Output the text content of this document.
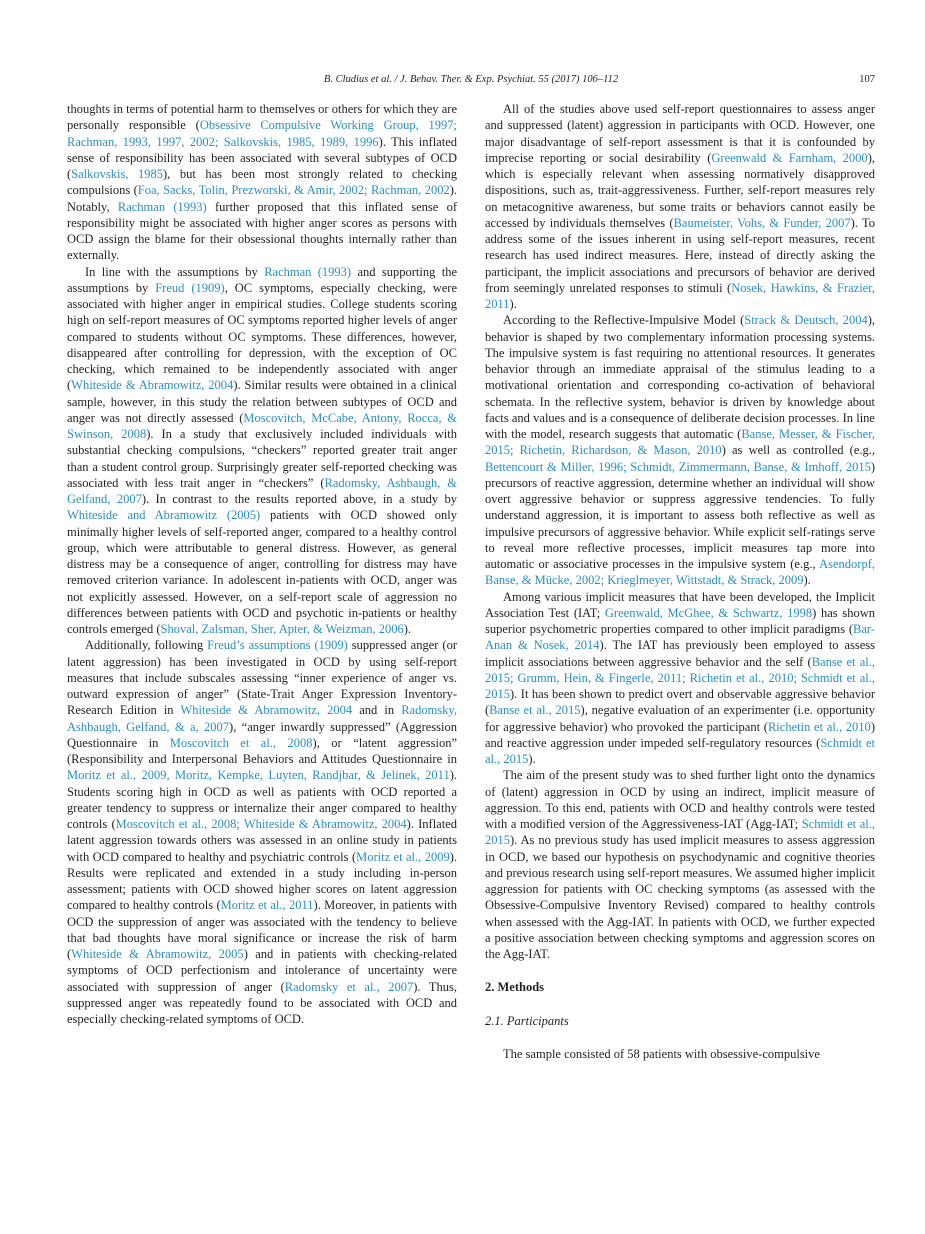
B. Cludius et al. / J. Behav. Ther. & Exp. Psychiat. 55 (2017) 106–112	107

thoughts in terms of potential harm to themselves or others for which they are personally responsible (Obsessive Compulsive Working Group, 1997; Rachman, 1993, 1997, 2002; Salkovskis, 1985, 1989, 1996). This inflated sense of responsibility has been associated with several subtypes of OCD (Salkovskis, 1985), but has been most strongly related to checking compulsions (Foa, Sacks, Tolin, Prezworski, & Amir, 2002; Rachman, 2002). Notably, Rachman (1993) further proposed that this inflated sense of responsibility might be associated with higher anger scores as persons with OCD assign the blame for their obsessional thoughts internally rather than externally.

In line with the assumptions by Rachman (1993) and supporting the assumptions by Freud (1909), OC symptoms, especially checking, were associated with higher anger in empirical studies. College students scoring high on self-report measures of OC symptoms reported higher levels of anger compared to students without OC symptoms. These differences, however, disappeared after controlling for depression, with the exception of OC checking, which remained to be independently associated with anger (Whiteside & Abramowitz, 2004). Similar results were obtained in a clinical sample, however, in this study the relation between subtypes of OCD and anger was not directly assessed (Moscovitch, McCabe, Antony, Rocca, & Swinson, 2008). In a study that exclusively included individuals with substantial checking compulsions, “checkers” reported greater trait anger than a student control group. Surprisingly greater self-reported checking was associated with less trait anger in “checkers” (Radomsky, Ashbaugh, & Gelfand, 2007). In contrast to the results reported above, in a study by Whiteside and Abramowitz (2005) patients with OCD showed only minimally higher levels of self-reported anger, compared to a healthy control group, which were attributable to general distress. However, as general distress may be a consequence of anger, controlling for distress may have removed criterion variance. In adolescent in-patients with OCD, anger was not explicitly assessed. However, on a self-report scale of aggression no differences between patients with OCD and psychotic in-patients or healthy controls emerged (Shoval, Zalsman, Sher, Apter, & Weizman, 2006).

Additionally, following Freud’s assumptions (1909) suppressed anger (or latent aggression) has been investigated in OCD by using self-report measures that include subscales assessing “inner experience of anger vs. outward expression of anger” (State-Trait Anger Expression Inventory-Research Edition in Whiteside & Abramowitz, 2004 and in Radomsky, Ashbaugh, Gelfand, & a, 2007), “anger inwardly suppressed” (Aggression Questionnaire in Moscovitch et al., 2008), or “latent aggression” (Responsibility and Interpersonal Behaviors and Attitudes Questionnaire in Moritz et al., 2009, Moritz, Kempke, Luyten, Randjbar, & Jelinek, 2011). Students scoring high in OCD as well as patients with OCD reported a greater tendency to suppress or internalize their anger compared to healthy controls (Moscovitch et al., 2008; Whiteside & Abramowitz, 2004). Inflated latent aggression towards others was assessed in an online study in patients with OCD compared to healthy and psychiatric controls (Moritz et al., 2009). Results were replicated and extended in a study including in-person assessment; patients with OCD showed higher scores on latent aggression compared to healthy controls (Moritz et al., 2011). Moreover, in patients with OCD the suppression of anger was associated with the tendency to believe that bad thoughts have moral significance or increase the risk of harm (Whiteside & Abramowitz, 2005) and in patients with checking-related symptoms of OCD perfectionism and intolerance of uncertainty were associated with suppression of anger (Radomsky et al., 2007). Thus, suppressed anger was repeatedly found to be associated with OCD and especially checking-related symptoms of OCD.

All of the studies above used self-report questionnaires to assess anger and suppressed (latent) aggression in participants with OCD. However, one major disadvantage of self-report assessment is that it is confounded by imprecise reporting or social desirability (Greenwald & Farnham, 2000), which is especially relevant when assessing normatively disapproved dispositions, such as, trait-aggressiveness. Further, self-report measures rely on metacognitive awareness, but some traits or behaviors cannot easily be accessed by individuals themselves (Baumeister, Vohs, & Funder, 2007). To address some of the issues inherent in using self-report measures, recent research has used indirect measures. Here, instead of directly asking the participant, the implicit associations and precursors of behavior are derived from seemingly unrelated responses to stimuli (Nosek, Hawkins, & Frazier, 2011).

According to the Reflective-Impulsive Model (Strack & Deutsch, 2004), behavior is shaped by two complementary information processing systems. The impulsive system is fast requiring no attentional resources. It generates behavior through an immediate appraisal of the stimulus leading to a motivational orientation and corresponding co-activation of behavioral schemata. In the reflective system, behavior is driven by knowledge about facts and values and is a consequence of deliberate decision processes. In line with the model, research suggests that automatic (Banse, Messer, & Fischer, 2015; Richetin, Richardson, & Mason, 2010) as well as controlled (e.g., Bettencourt & Miller, 1996; Schmidt, Zimmermann, Banse, & Imhoff, 2015) precursors of reactive aggression, determine whether an individual will show overt aggressive behavior or suppress aggressive tendencies. To fully understand aggression, it is important to assess both reflective as well as impulsive precursors of aggressive behavior. While explicit self-ratings serve to reveal more reflective processes, implicit measures tap more into automatic or associative processes in the impulsive system (e.g., Asendorpf, Banse, & Mücke, 2002; Krieglmeyer, Wittstadt, & Strack, 2009).

Among various implicit measures that have been developed, the Implicit Association Test (IAT; Greenwald, McGhee, & Schwartz, 1998) has shown superior psychometric properties compared to other implicit paradigms (Bar-Anan & Nosek, 2014). The IAT has previously been employed to assess implicit associations between aggressive behavior and the self (Banse et al., 2015; Grumm, Hein, & Fingerle, 2011; Richetin et al., 2010; Schmidt et al., 2015). It has been shown to predict overt and observable aggressive behavior (Banse et al., 2015), negative evaluation of an experimenter (i.e. opportunity for aggressive behavior) who provoked the participant (Richetin et al., 2010) and reactive aggression under impeded self-regulatory resources (Schmidt et al., 2015).

The aim of the present study was to shed further light onto the dynamics of (latent) aggression in OCD by using an indirect, implicit measure of aggression. To this end, patients with OCD and healthy controls were tested with a modified version of the Aggressiveness-IAT (Agg-IAT; Schmidt et al., 2015). As no previous study has used implicit measures to assess aggression in OCD, we based our hypothesis on psychodynamic and cognitive theories and previous research using self-report measures. We assumed higher implicit aggression for patients with OC checking symptoms (as assessed with the Obsessive-Compulsive Inventory Revised) compared to healthy controls when assessed with the Agg-IAT. In patients with OCD, we further expected a positive association between checking symptoms and aggression scores on the Agg-IAT.

2. Methods
2.1. Participants

The sample consisted of 58 patients with obsessive-compulsive
